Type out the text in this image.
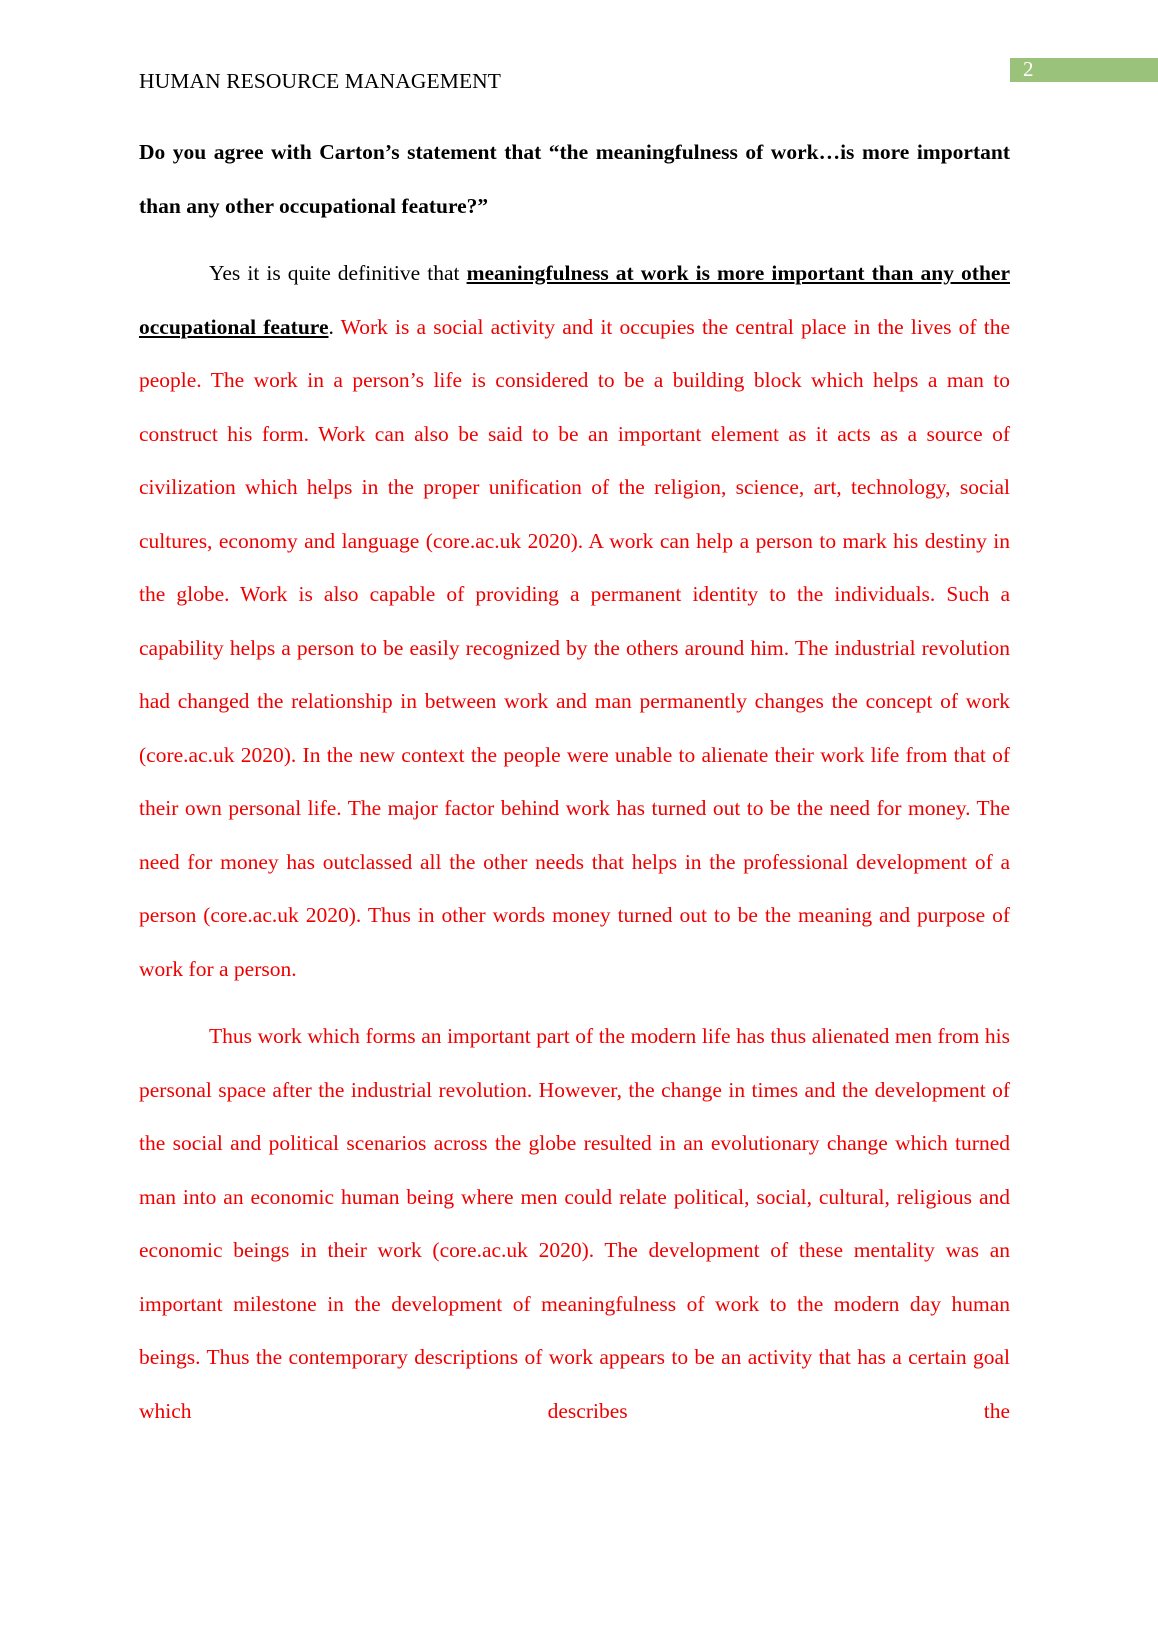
2
HUMAN RESOURCE MANAGEMENT

Do you agree with Carton’s statement that “the meaningfulness of work…is more important than any other occupational feature?”

Yes it is quite definitive that meaningfulness at work is more important than any other occupational feature. Work is a social activity and it occupies the central place in the lives of the people. The work in a person’s life is considered to be a building block which helps a man to construct his form. Work can also be said to be an important element as it acts as a source of civilization which helps in the proper unification of the religion, science, art, technology, social cultures, economy and language (core.ac.uk 2020). A work can help a person to mark his destiny in the globe. Work is also capable of providing a permanent identity to the individuals. Such a capability helps a person to be easily recognized by the others around him. The industrial revolution had changed the relationship in between work and man permanently changes the concept of work (core.ac.uk 2020). In the new context the people were unable to alienate their work life from that of their own personal life. The major factor behind work has turned out to be the need for money. The need for money has outclassed all the other needs that helps in the professional development of a person (core.ac.uk 2020). Thus in other words money turned out to be the meaning and purpose of work for a person.

Thus work which forms an important part of the modern life has thus alienated men from his personal space after the industrial revolution. However, the change in times and the development of the social and political scenarios across the globe resulted in an evolutionary change which turned man into an economic human being where men could relate political, social, cultural, religious and economic beings in their work (core.ac.uk 2020). The development of these mentality was an important milestone in the development of meaningfulness of work to the modern day human beings. Thus the contemporary descriptions of work appears to be an activity that has a certain goal which describes the
